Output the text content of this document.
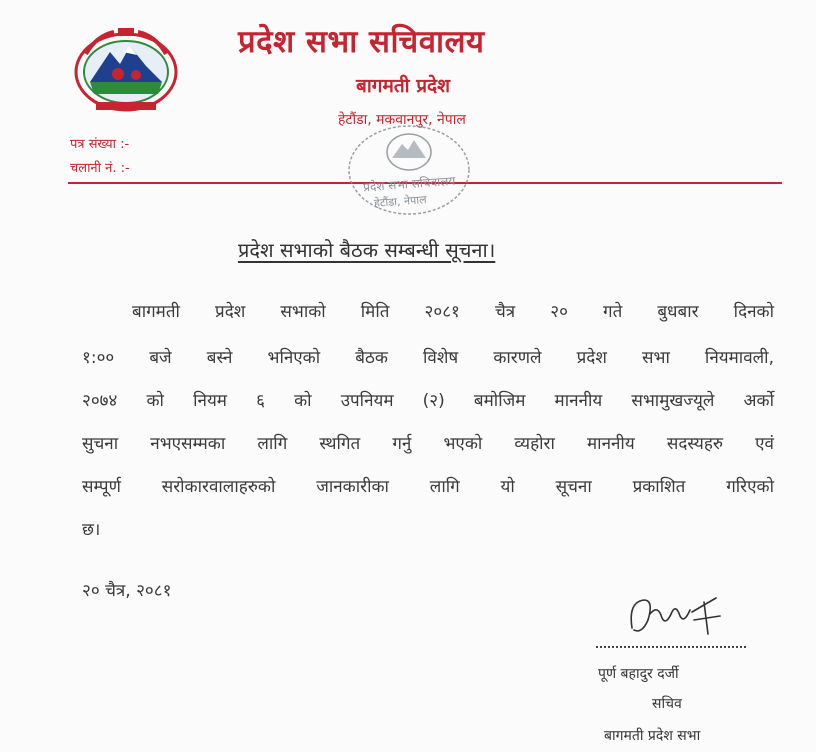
प्रदेश सभा सचिवालय
बागमती प्रदेश
हेटौंडा, मकवानपुर, नेपाल
पत्र संख्या :-
चलानी नं. :-
प्रदेश सभा सचिवालय
हेटौंडा, नेपाल
प्रदेश सभाको बैठक सम्बन्धी सूचना।
बागमती प्रदेश सभाको मिति २०८१ चैत्र २० गते बुधबार दिनको
१:०० बजे बस्ने भनिएको बैठक विशेष कारणले प्रदेश सभा नियमावली,
२०७४ को नियम ६ को उपनियम (२) बमोजिम माननीय सभामुखज्यूले अर्को
सुचना नभएसम्मका लागि स्थगित गर्नु भएको व्यहोरा माननीय सदस्यहरु एवं
सम्पूर्ण सरोकारवालाहरुको जानकारीका लागि यो सूचना प्रकाशित गरिएको
छ।
२० चैत्र, २०८१
पूर्ण बहादुर दर्जी
सचिव
बागमती प्रदेश सभा
